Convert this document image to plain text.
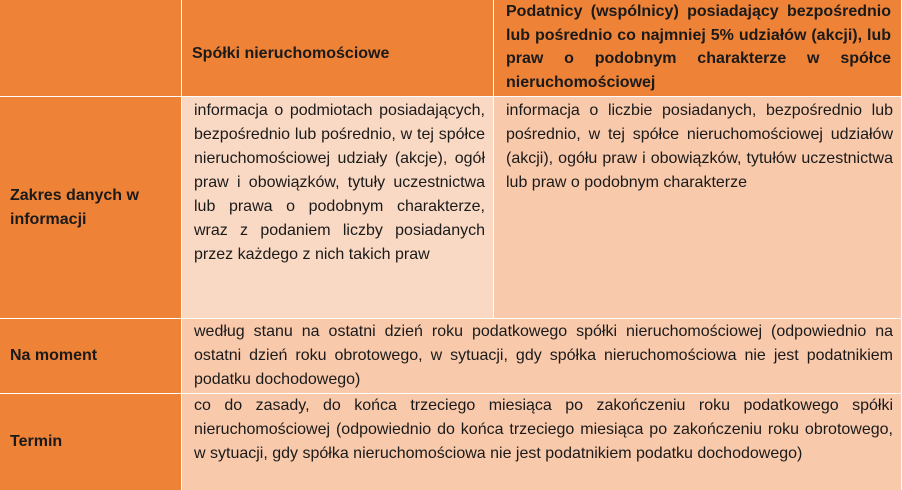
Spółki nieruchomościowe
Podatnicy (wspólnicy) posiadający bezpośrednio lub pośrednio co najmniej 5% udziałów (akcji), lub praw o podobnym charakterze w spółce nieruchomościowej
Zakres danych w informacji
informacja o podmiotach posiadających, bezpośrednio lub pośrednio, w tej spółce nieruchomościowej udziały (akcje), ogół praw i obowiązków, tytuły uczestnictwa lub prawa o podobnym charakterze, wraz z podaniem liczby posiadanych przez każdego z nich takich praw
informacja o liczbie posiadanych, bezpośrednio lub pośrednio, w tej spółce nieruchomościowej udziałów (akcji), ogółu praw i obowiązków, tytułów uczestnictwa lub praw o podobnym charakterze
Na moment
według stanu na ostatni dzień roku podatkowego spółki nieruchomościowej (odpowiednio na ostatni dzień roku obrotowego, w sytuacji, gdy spółka nieruchomościowa nie jest podatnikiem podatku dochodowego)
Termin
co do zasady, do końca trzeciego miesiąca po zakończeniu roku podatkowego spółki nieruchomościowej (odpowiednio do końca trzeciego miesiąca po zakończeniu roku obrotowego, w sytuacji, gdy spółka nieruchomościowa nie jest podatnikiem podatku dochodowego)
